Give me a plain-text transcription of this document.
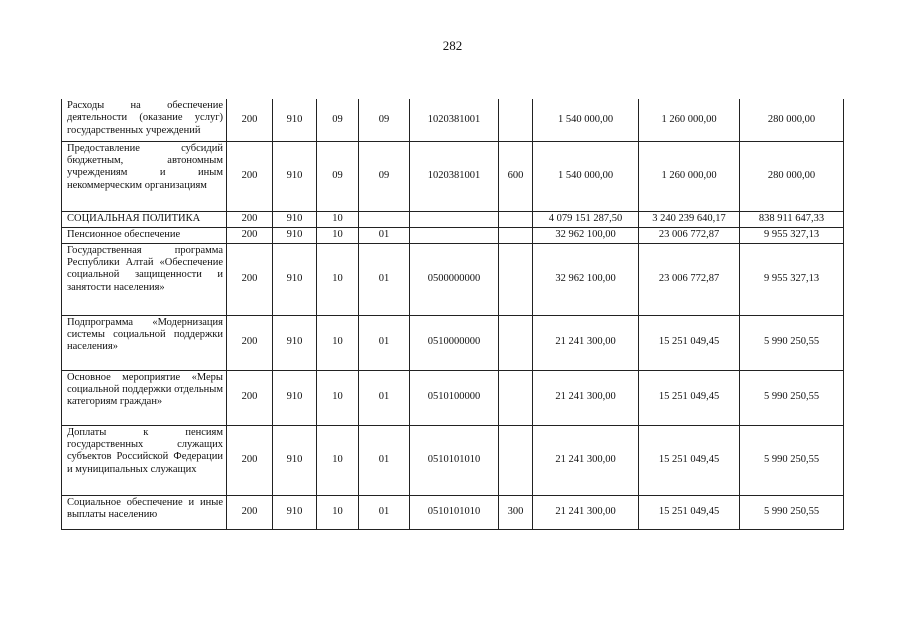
282
Расходы на обеспечение деятельности (оказание услуг) государственных учреждений	200	910	09	09	1020381001		1 540 000,00	1 260 000,00	280 000,00
Предоставление субсидий бюджетным, автономным учреждениям и иным некоммерческим организациям	200	910	09	09	1020381001	600	1 540 000,00	1 260 000,00	280 000,00
СОЦИАЛЬНАЯ ПОЛИТИКА	200	910	10				4 079 151 287,50	3 240 239 640,17	838 911 647,33
Пенсионное обеспечение	200	910	10	01			32 962 100,00	23 006 772,87	9 955 327,13
Государственная программа Республики Алтай «Обеспечение социальной защищенности и занятости населения»	200	910	10	01	0500000000		32 962 100,00	23 006 772,87	9 955 327,13
Подпрограмма «Модернизация системы социальной поддержки населения»	200	910	10	01	0510000000		21 241 300,00	15 251 049,45	5 990 250,55
Основное мероприятие «Меры социальной поддержки отдельным категориям граждан»	200	910	10	01	0510100000		21 241 300,00	15 251 049,45	5 990 250,55
Доплаты к пенсиям государственных служащих субъектов Российской Федерации и муниципальных служащих	200	910	10	01	0510101010		21 241 300,00	15 251 049,45	5 990 250,55
Социальное обеспечение и иные выплаты населению	200	910	10	01	0510101010	300	21 241 300,00	15 251 049,45	5 990 250,55
